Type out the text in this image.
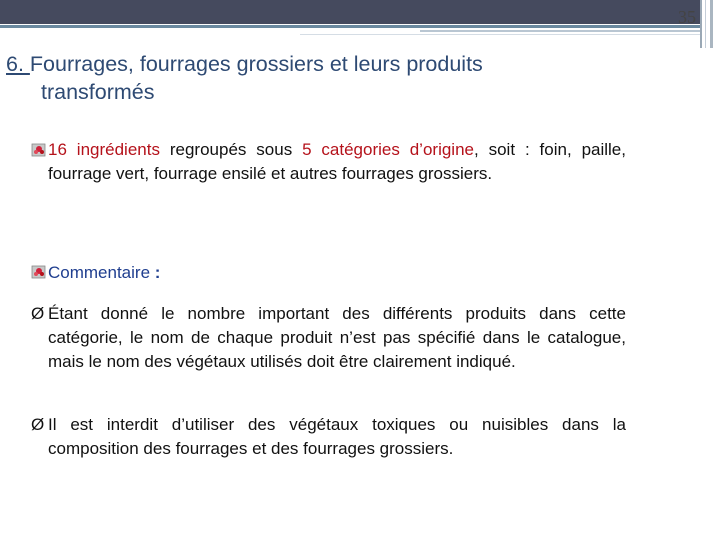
35
6. Fourrages, fourrages grossiers et leurs produits
transformés
16 ingrédients regroupés sous 5 catégories d’origine, soit : foin, paille, fourrage vert, fourrage ensilé et autres fourrages grossiers.
Commentaire :
Ø Étant donné le nombre important des différents produits dans cette catégorie, le nom de chaque produit n’est pas spécifié dans le catalogue, mais le nom des végétaux utilisés doit être clairement indiqué.
Ø Il est interdit d’utiliser des végétaux toxiques ou nuisibles dans la composition des fourrages et des fourrages grossiers.
